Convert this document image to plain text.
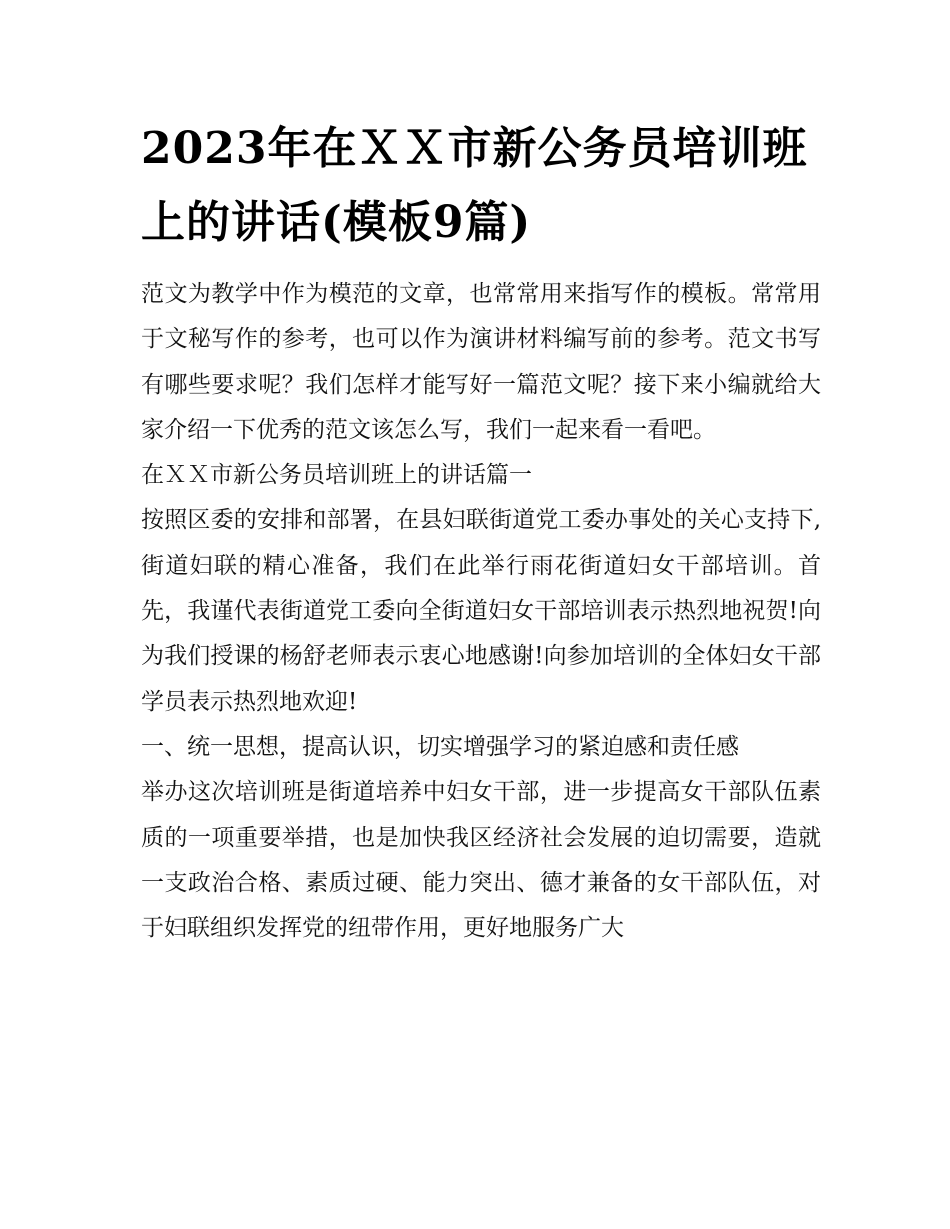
2023年在ＸＸ市新公务员培训班上的讲话(模板9篇)

范文为教学中作为模范的文章，也常常用来指写作的模板。常常用于文秘写作的参考，也可以作为演讲材料编写前的参考。范文书写有哪些要求呢？我们怎样才能写好一篇范文呢？接下来小编就给大家介绍一下优秀的范文该怎么写，我们一起来看一看吧。

在ＸＸ市新公务员培训班上的讲话篇一

按照区委的安排和部署，在县妇联街道党工委办事处的关心支持下,街道妇联的精心准备，我们在此举行雨花街道妇女干部培训。首先，我谨代表街道党工委向全街道妇女干部培训表示热烈地祝贺!向为我们授课的杨舒老师表示衷心地感谢!向参加培训的全体妇女干部学员表示热烈地欢迎!

一、统一思想，提高认识，切实增强学习的紧迫感和责任感

举办这次培训班是街道培养中妇女干部，进一步提高女干部队伍素质的一项重要举措，也是加快我区经济社会发展的迫切需要，造就一支政治合格、素质过硬、能力突出、德才兼备的女干部队伍，对于妇联组织发挥党的纽带作用，更好地服务广大
